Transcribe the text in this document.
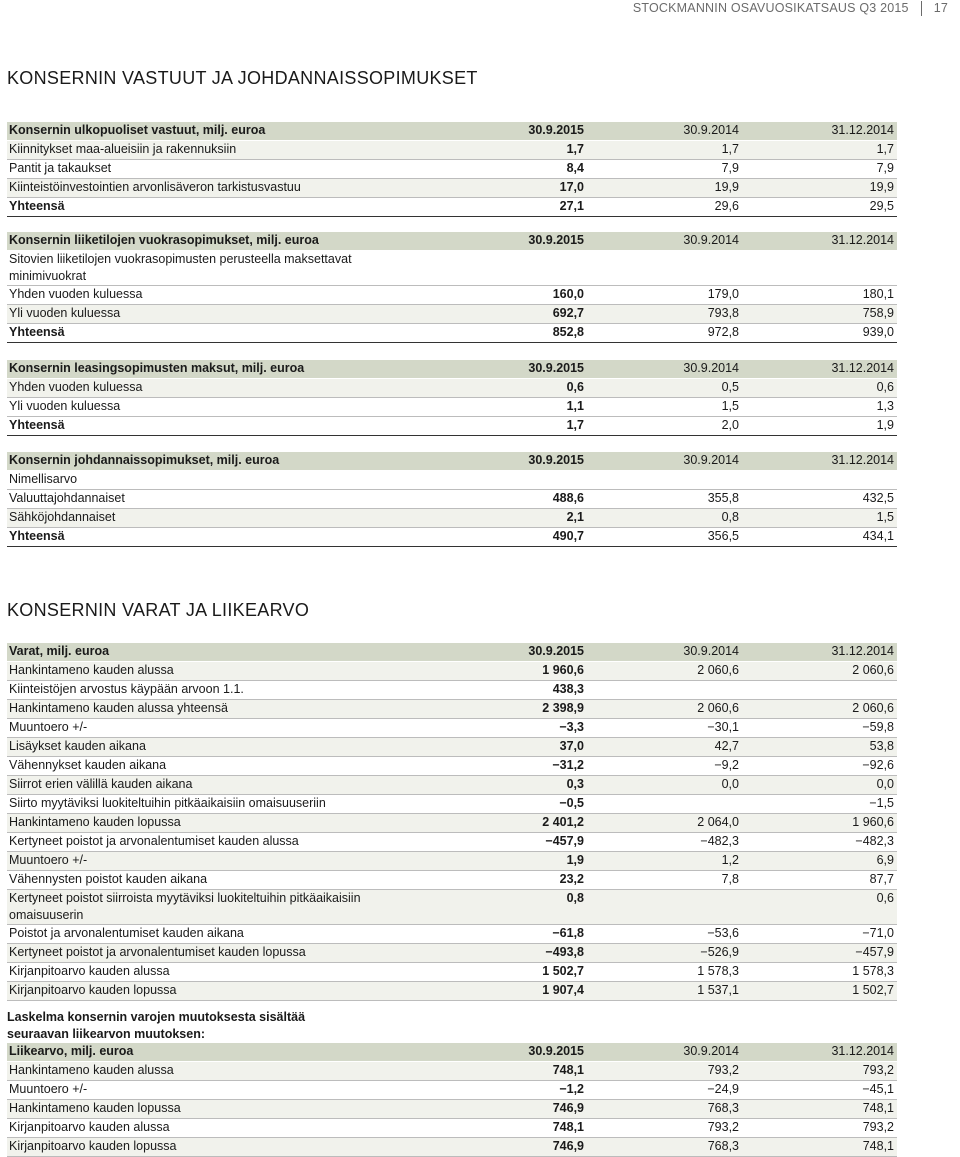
STOCKMANNIN OSAVUOSIKATSAUS Q3 2015 17
KONSERNIN VASTUUT JA JOHDANNAISSOPIMUKSET
Konsernin ulkopuoliset vastuut, milj. euroa	30.9.2015	30.9.2014	31.12.2014
Kiinnitykset maa-alueisiin ja rakennuksiin	1,7	1,7	1,7
Pantit ja takaukset	8,4	7,9	7,9
Kiinteistöinvestointien arvonlisäveron tarkistusvastuu	17,0	19,9	19,9
Yhteensä	27,1	29,6	29,5
Konsernin liiketilojen vuokrasopimukset, milj. euroa	30.9.2015	30.9.2014	31.12.2014
Sitovien liiketilojen vuokrasopimusten perusteella maksettavat minimivuokrat			
Yhden vuoden kuluessa	160,0	179,0	180,1
Yli vuoden kuluessa	692,7	793,8	758,9
Yhteensä	852,8	972,8	939,0
Konsernin leasingsopimusten maksut, milj. euroa	30.9.2015	30.9.2014	31.12.2014
Yhden vuoden kuluessa	0,6	0,5	0,6
Yli vuoden kuluessa	1,1	1,5	1,3
Yhteensä	1,7	2,0	1,9
Konsernin johdannaissopimukset, milj. euroa	30.9.2015	30.9.2014	31.12.2014
Nimellisarvo			
Valuuttajohdannaiset	488,6	355,8	432,5
Sähköjohdannaiset	2,1	0,8	1,5
Yhteensä	490,7	356,5	434,1
KONSERNIN VARAT JA LIIKEARVO
Varat, milj. euroa	30.9.2015	30.9.2014	31.12.2014
Hankintameno kauden alussa	1 960,6	2 060,6	2 060,6
Kiinteistöjen arvostus käypään arvoon 1.1.	438,3		
Hankintameno kauden alussa yhteensä	2 398,9	2 060,6	2 060,6
Muuntoero +/-	−3,3	−30,1	−59,8
Lisäykset kauden aikana	37,0	42,7	53,8
Vähennykset kauden aikana	−31,2	−9,2	−92,6
Siirrot erien välillä kauden aikana	0,3	0,0	0,0
Siirto myytäviksi luokiteltuihin pitkäaikaisiin omaisuuseriin	−0,5		−1,5
Hankintameno kauden lopussa	2 401,2	2 064,0	1 960,6
Kertyneet poistot ja arvonalentumiset kauden alussa	−457,9	−482,3	−482,3
Muuntoero +/-	1,9	1,2	6,9
Vähennysten poistot kauden aikana	23,2	7,8	87,7
Kertyneet poistot siirroista myytäviksi luokiteltuihin pitkäaikaisiin omaisuuserin	0,8		0,6
Poistot ja arvonalentumiset kauden aikana	−61,8	−53,6	−71,0
Kertyneet poistot ja arvonalentumiset kauden lopussa	−493,8	−526,9	−457,9
Kirjanpitoarvo kauden alussa	1 502,7	1 578,3	1 578,3
Kirjanpitoarvo kauden lopussa	1 907,4	1 537,1	1 502,7
Laskelma konsernin varojen muutoksesta sisältää seuraavan liikearvon muutoksen:
Liikearvo, milj. euroa	30.9.2015	30.9.2014	31.12.2014
Hankintameno kauden alussa	748,1	793,2	793,2
Muuntoero +/-	−1,2	−24,9	−45,1
Hankintameno kauden lopussa	746,9	768,3	748,1
Kirjanpitoarvo kauden alussa	748,1	793,2	793,2
Kirjanpitoarvo kauden lopussa	746,9	768,3	748,1
